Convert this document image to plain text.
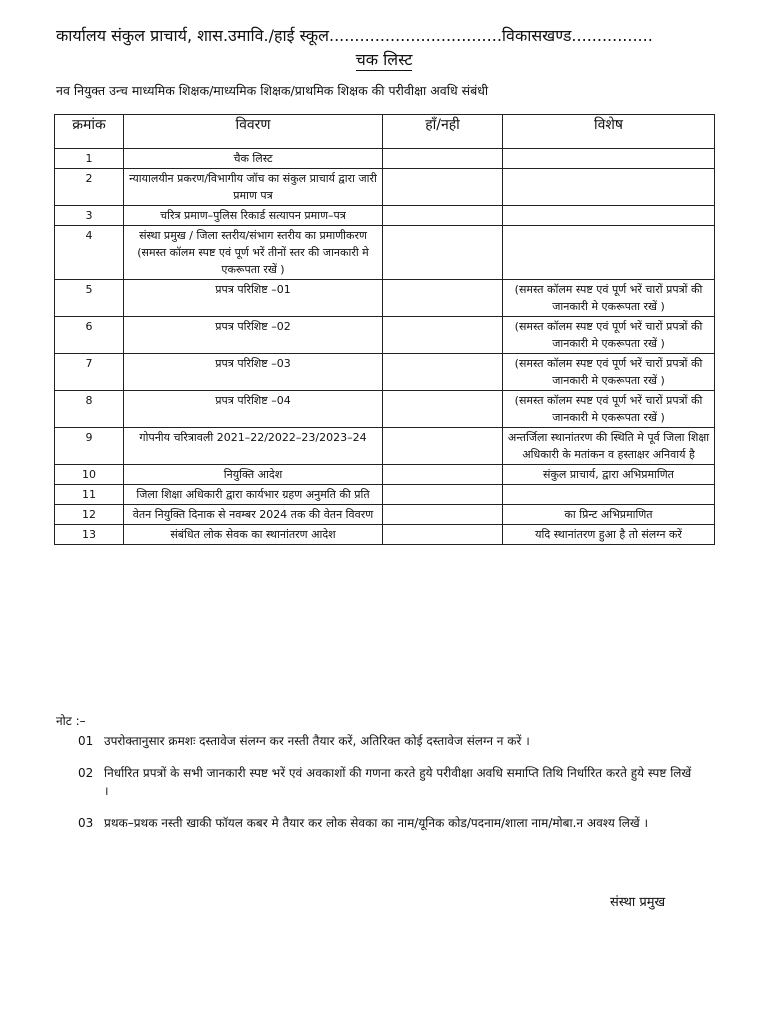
कार्यालय संकुल प्राचार्य, शास.उमावि./हाई स्कूल..................................विकासखण्ड................
चक लिस्ट
नव नियुक्त उन्च माध्यमिक शिक्षक/माध्यमिक शिक्षक/प्राथमिक शिक्षक की परीवीक्षा अवधि संबंधी
क्रमांक	विवरण	हाँ/नही	विशेष
1	चैक लिस्ट		
2	न्यायालयीन प्रकरण/विभागीय जॉच का संकुल प्राचार्य द्वारा जारी प्रमाण पत्र		
3	चरित्र प्रमाण–पुलिस रिकार्ड सत्यापन प्रमाण–पत्र		
4	संस्था प्रमुख / जिला स्तरीय/संभाग स्तरीय का प्रमाणीकरण (समस्त कॉलम स्पष्ट एवं पूर्ण भरें तीनों स्तर की जानकारी मे एकरूपता रखें )		
5	प्रपत्र परिशिष्ट –01		(समस्त कॉलम स्पष्ट एवं पूर्ण भरें चारों प्रपत्रों की जानकारी मे एकरूपता रखें )
6	प्रपत्र परिशिष्ट –02		(समस्त कॉलम स्पष्ट एवं पूर्ण भरें चारों प्रपत्रों की जानकारी मे एकरूपता रखें )
7	प्रपत्र परिशिष्ट –03		(समस्त कॉलम स्पष्ट एवं पूर्ण भरें चारों प्रपत्रों की जानकारी मे एकरूपता रखें )
8	प्रपत्र परिशिष्ट –04		(समस्त कॉलम स्पष्ट एवं पूर्ण भरें चारों प्रपत्रों की जानकारी मे एकरूपता रखें )
9	गोपनीय चरित्रावली 2021–22/2022–23/2023–24		अन्तर्जिला स्थानांतरण की स्थिति मे पूर्व जिला शिक्षा अधिकारी के मतांकन व हस्ताक्षर अनिवार्य है
10	नियुक्ति आदेश		संकुल प्राचार्य, द्वारा अभिप्रमाणित
11	जिला शिक्षा अधिकारी द्वारा कार्यभार ग्रहण अनुमति की प्रति		
12	वेतन नियुक्ति दिनाक से नवम्बर 2024 तक की वेतन विवरण		का प्रिन्ट अभिप्रमाणित
13	संबंधित लोक सेवक का स्थानांतरण आदेश		यदि स्थानांतरण हुआ है तो संलग्न करें
नोट :–
01 उपरोक्तानुसार क्रमशः दस्तावेज संलग्न कर नस्ती तैयार करें, अतिरिक्त कोई दस्तावेज संलग्न न करें ।
02 निर्धारित प्रपत्रों के सभी जानकारी स्पष्ट भरें एवं अवकाशों की गणना करते हुये परीवीक्षा अवधि समाप्ति तिथि निर्धारित करते हुये स्पष्ट लिखें ।
03 प्रथक–प्रथक नस्ती खाकी फॉयल कबर मे तैयार कर लोक सेवका का नाम/यूनिक कोड/पदनाम/शाला नाम/मोबा.न अवश्य लिखें ।
संस्था प्रमुख
